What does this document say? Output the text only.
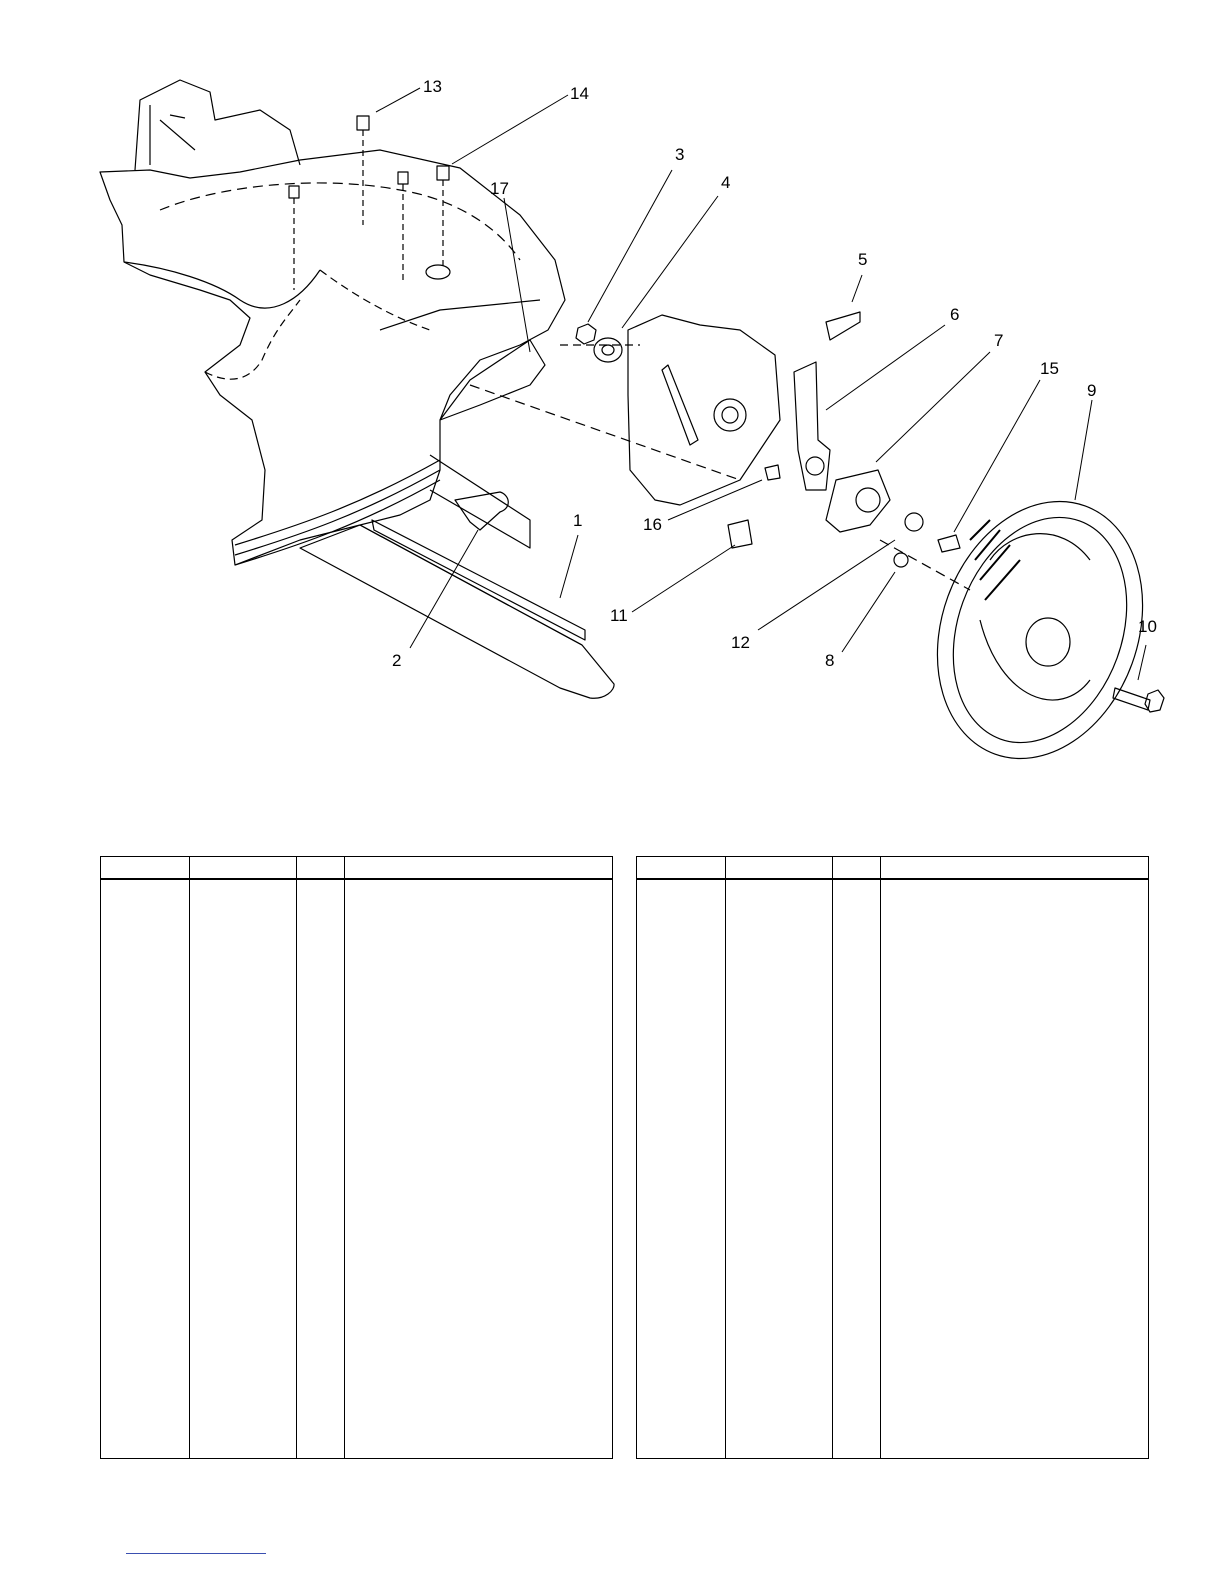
1
2
3
4
5
6
7
8
9
10
11
12
13	14
15
16
17
